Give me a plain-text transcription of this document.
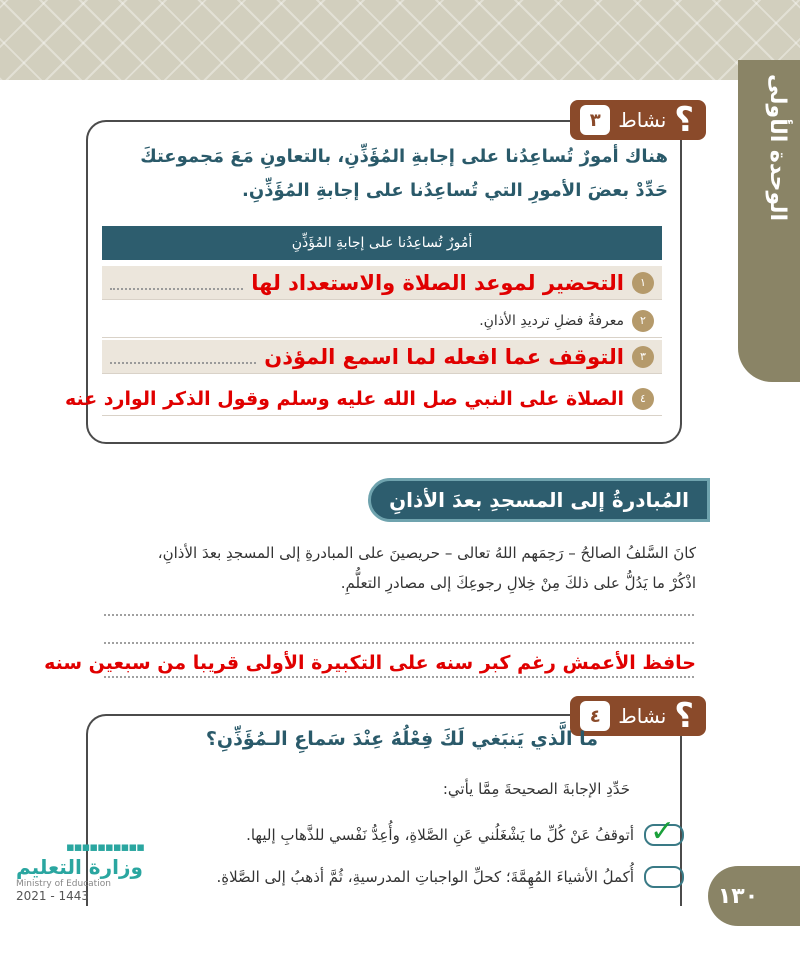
الوحدة الأولى
؟
نشاط
٣
هناك أمورٌ تُساعِدُنا على إجابةِ المُؤَذِّنِ، بالتعاونِ مَعَ مَجموعتكَ
حَدِّدْ بعضَ الأمورِ التي تُساعِدُنا على إجابةِ المُؤَذِّنِ.
أمُورٌ تُساعِدُنا على إجابةِ المُؤَذِّنِ
١
التحضير لموعد الصلاة والاستعداد لها
٢
معرفةُ فضلِ ترديدِ الأذانِ.
٣
التوقف عما افعله لما اسمع المؤذن
٤
الصلاة على النبي صل الله عليه وسلم وقول الذكر الوارد عنه
المُبادرةُ إلى المسجدِ بعدَ الأذانِ
كانَ السَّلفُ الصالحُ – رَحِمَهم اللهُ تعالى – حريصينَ على المبادرةِ إلى المسجدِ بعدَ الأذانِ،
اذْكُرْ ما يَدُلُّ على ذلكَ مِنْ خِلالِ رجوعِكَ إلى مصادرِ التعلُّمِ.
حافظ الأعمش رغم كبر سنه على التكبيرة الأولى قريبا من سبعين سنه
؟
نشاط
٤
ما الَّذي يَنبَغي لَكَ فِعْلُهُ عِنْدَ سَماعِ الـمُؤَذِّنِ؟
حَدِّدِ الإجابةَ الصحيحةَ مِمَّا يأتي:
✓
أتوقفُ عَنْ كُلِّ ما يَشْغَلُني عَنِ الصَّلاةِ، وأُعِدُّ نَفْسي للذَّهابِ إليها.
أُكملُ الأشياءَ المُهِمَّةَ؛ كحلِّ الواجباتِ المدرسيةِ، ثُمَّ أذهبُ إلى الصَّلاةِ.
١٣٠
▪▪▪▪▪▪▪▪▪▪
وزارة التعليم
Ministry of Education
2021 - 1443
